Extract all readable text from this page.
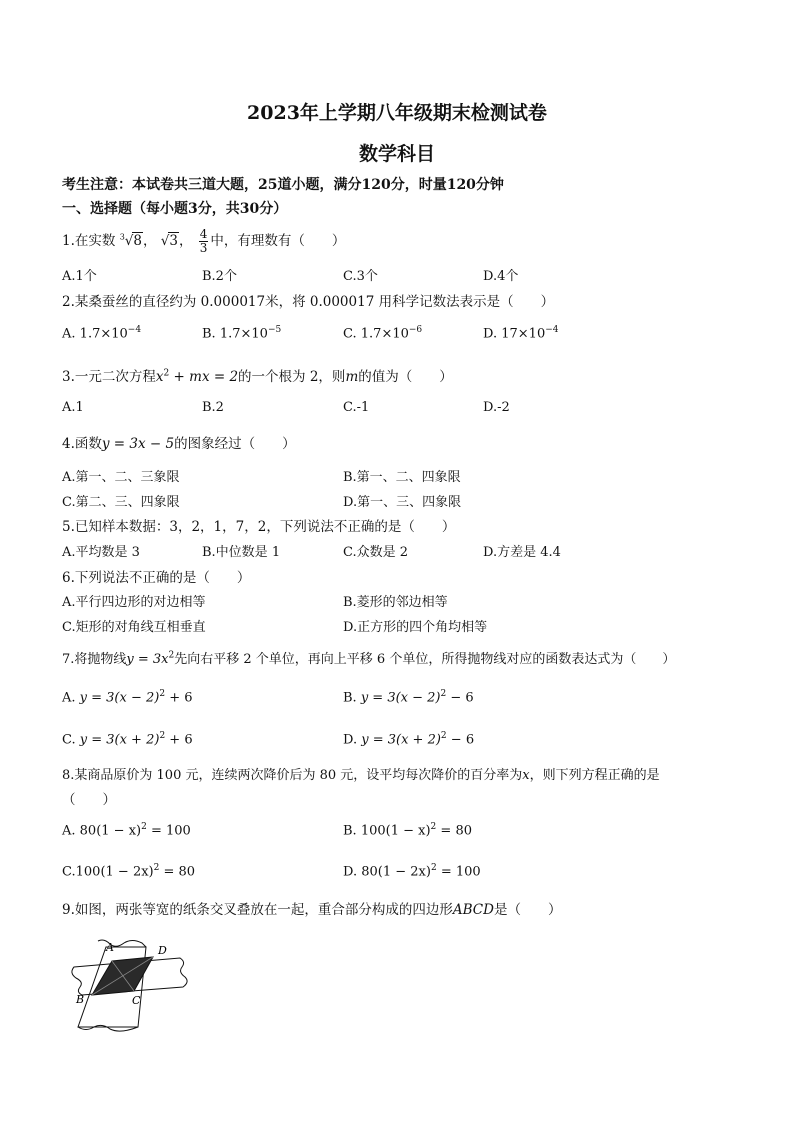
2023年上学期八年级期末检测试卷
数学科目
考生注意：本试卷共三道大题，25道小题，满分120分，时量120分钟
一、选择题（每小题3分，共30分）
1.在实数 $^3$√8， √3， $\frac{4}{3}$ 中，有理数有（　　）
A.1个	B.2个	C.3个	D.4个
2.某桑蚕丝的直径约为 0.000017米，将 0.000017 用科学记数法表示是（　　）
A. $1.7\times 10^{-4}$	B. $1.7\times 10^{-5}$	C. $1.7\times 10^{-6}$	D. $17\times 10^{-4}$
3.一元二次方程$x^2$ + mx = 2的一个根为 2，则m的值为（　　）
A.1	B.2	C.-1	D.-2
4.函数y = 3x − 5的图象经过（　　）
A.第一、二、三象限	B.第一、二、四象限
C.第二、三、四象限	D.第一、三、四象限
5.已知样本数据：3，2，1，7，2，下列说法不正确的是（　　）
A.平均数是 3	B.中位数是 1	C.众数是 2	D.方差是 4.4
6.下列说法不正确的是（　　）
A.平行四边形的对边相等	B.菱形的邻边相等
C.矩形的对角线互相垂直	D.正方形的四个角均相等
7.将抛物线$y = 3x^2$先向右平移 2 个单位，再向上平移 6 个单位，所得抛物线对应的函数表达式为（　　）
A. $y = 3(x - 2)^2 + 6$	B. $y = 3(x - 2)^2 - 6$
C. $y = 3(x + 2)^2 + 6$	D. $y = 3(x + 2)^2 - 6$
8.某商品原价为 100 元，连续两次降价后为 80 元，设平均每次降价的百分率为x，则下列方程正确的是
（　　）
A. $80(1 - x)^2 = 100$	B. $100(1 - x)^2 = 80$
$C.100(1 - 2x)^2 = 80$	D. $80(1 - 2x)^2 = 100$
9.如图，两张等宽的纸条交叉叠放在一起，重合部分构成的四边形ABCD是（　　）
A	D
B	C
